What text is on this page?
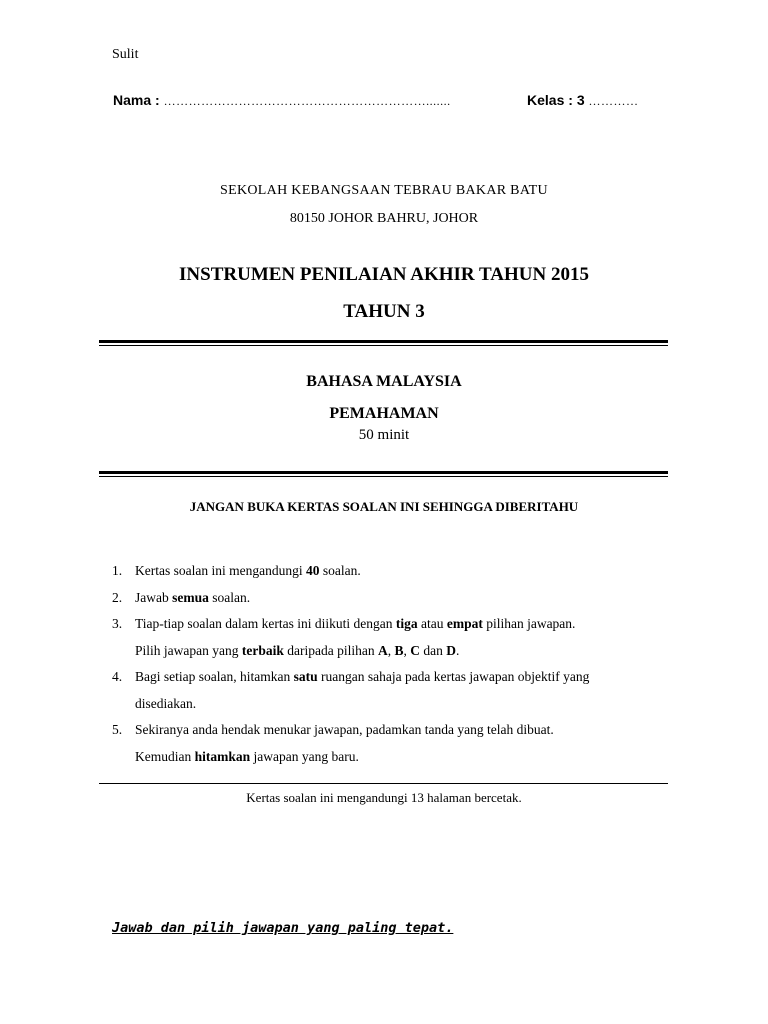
Sulit
Nama : ……………………………………………………….......	Kelas : 3 …………
SEKOLAH KEBANGSAAN TEBRAU BAKAR BATU
80150 JOHOR BAHRU, JOHOR
INSTRUMEN PENILAIAN AKHIR TAHUN 2015
TAHUN 3
BAHASA MALAYSIA
PEMAHAMAN
50 minit
JANGAN BUKA KERTAS SOALAN INI SEHINGGA DIBERITAHU
1. Kertas soalan ini mengandungi 40 soalan.
2. Jawab semua soalan.
3. Tiap-tiap soalan dalam kertas ini diikuti dengan tiga atau empat pilihan jawapan.
Pilih jawapan yang terbaik daripada pilihan A, B, C dan D.
4. Bagi setiap soalan, hitamkan satu ruangan sahaja pada kertas jawapan objektif yang
disediakan.
5. Sekiranya anda hendak menukar jawapan, padamkan tanda yang telah dibuat.
Kemudian hitamkan jawapan yang baru.
Kertas soalan ini mengandungi 13 halaman bercetak.
Jawab dan pilih jawapan yang paling tepat.
